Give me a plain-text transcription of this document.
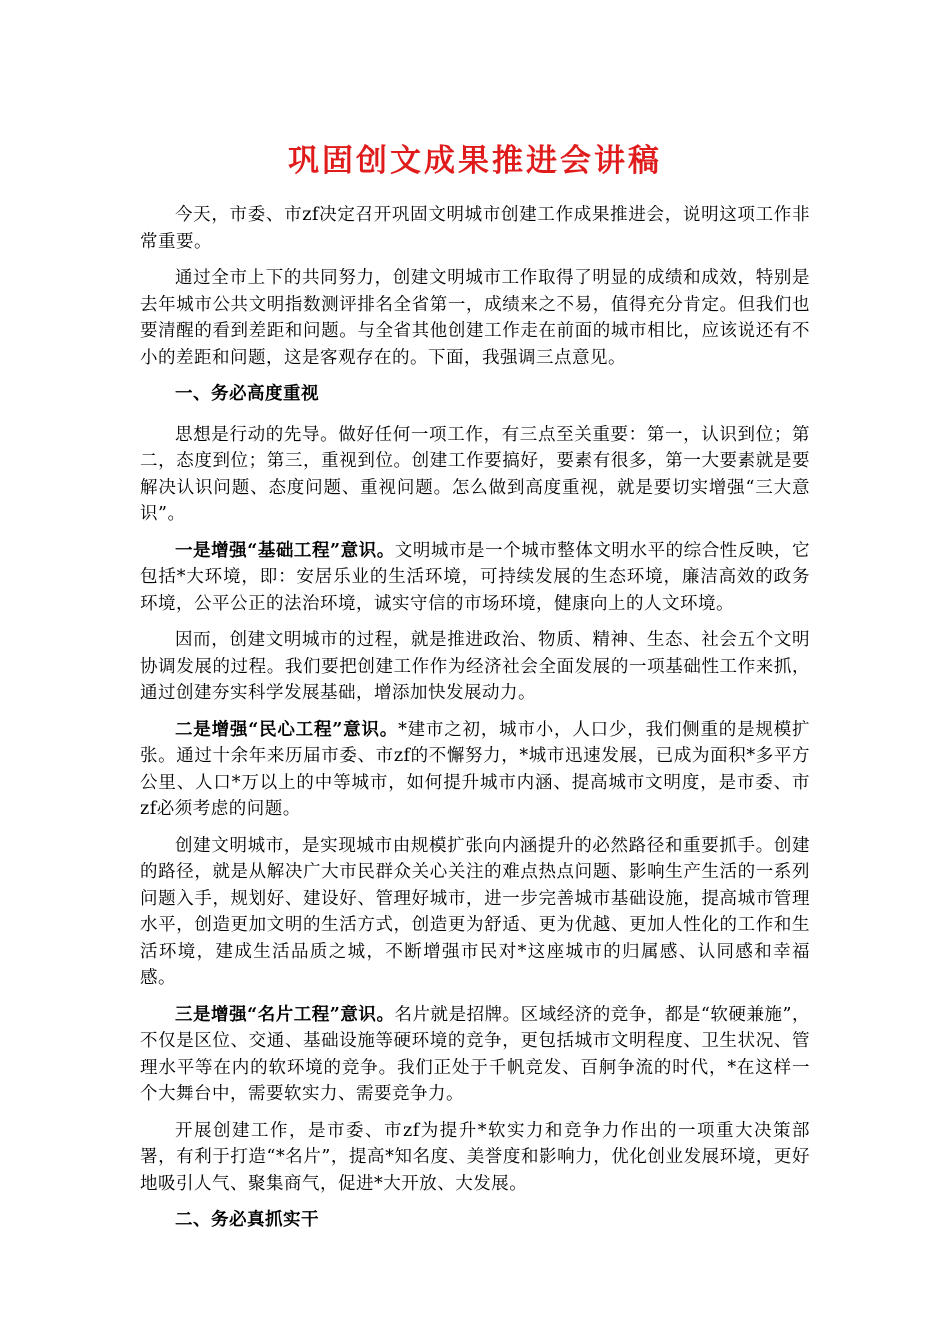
巩固创文成果推进会讲稿

今天，市委、市zf决定召开巩固文明城市创建工作成果推进会，说明这项工作非常重要。

通过全市上下的共同努力，创建文明城市工作取得了明显的成绩和成效，特别是去年城市公共文明指数测评排名全省第一，成绩来之不易，值得充分肯定。但我们也要清醒的看到差距和问题。与全省其他创建工作走在前面的城市相比，应该说还有不小的差距和问题，这是客观存在的。下面，我强调三点意见。

一、务必高度重视

思想是行动的先导。做好任何一项工作，有三点至关重要：第一，认识到位；第二，态度到位；第三，重视到位。创建工作要搞好，要素有很多，第一大要素就是要解决认识问题、态度问题、重视问题。怎么做到高度重视，就是要切实增强“三大意识”。

一是增强“基础工程”意识。文明城市是一个城市整体文明水平的综合性反映，它包括*大环境，即：安居乐业的生活环境，可持续发展的生态环境，廉洁高效的政务环境，公平公正的法治环境，诚实守信的市场环境，健康向上的人文环境。

因而，创建文明城市的过程，就是推进政治、物质、精神、生态、社会五个文明协调发展的过程。我们要把创建工作作为经济社会全面发展的一项基础性工作来抓，通过创建夯实科学发展基础，增添加快发展动力。

二是增强“民心工程”意识。*建市之初，城市小，人口少，我们侧重的是规模扩张。通过十余年来历届市委、市zf的不懈努力，*城市迅速发展，已成为面积*多平方公里、人口*万以上的中等城市，如何提升城市内涵、提高城市文明度，是市委、市zf必须考虑的问题。

创建文明城市，是实现城市由规模扩张向内涵提升的必然路径和重要抓手。创建的路径，就是从解决广大市民群众关心关注的难点热点问题、影响生产生活的一系列问题入手，规划好、建设好、管理好城市，进一步完善城市基础设施，提高城市管理水平，创造更加文明的生活方式，创造更为舒适、更为优越、更加人性化的工作和生活环境，建成生活品质之城，不断增强市民对*这座城市的归属感、认同感和幸福感。

三是增强“名片工程”意识。名片就是招牌。区域经济的竞争，都是“软硬兼施”，不仅是区位、交通、基础设施等硬环境的竞争，更包括城市文明程度、卫生状况、管理水平等在内的软环境的竞争。我们正处于千帆竞发、百舸争流的时代，*在这样一个大舞台中，需要软实力、需要竞争力。

开展创建工作，是市委、市zf为提升*软实力和竞争力作出的一项重大决策部署，有利于打造“*名片”，提高*知名度、美誉度和影响力，优化创业发展环境，更好地吸引人气、聚集商气，促进*大开放、大发展。

二、务必真抓实干
